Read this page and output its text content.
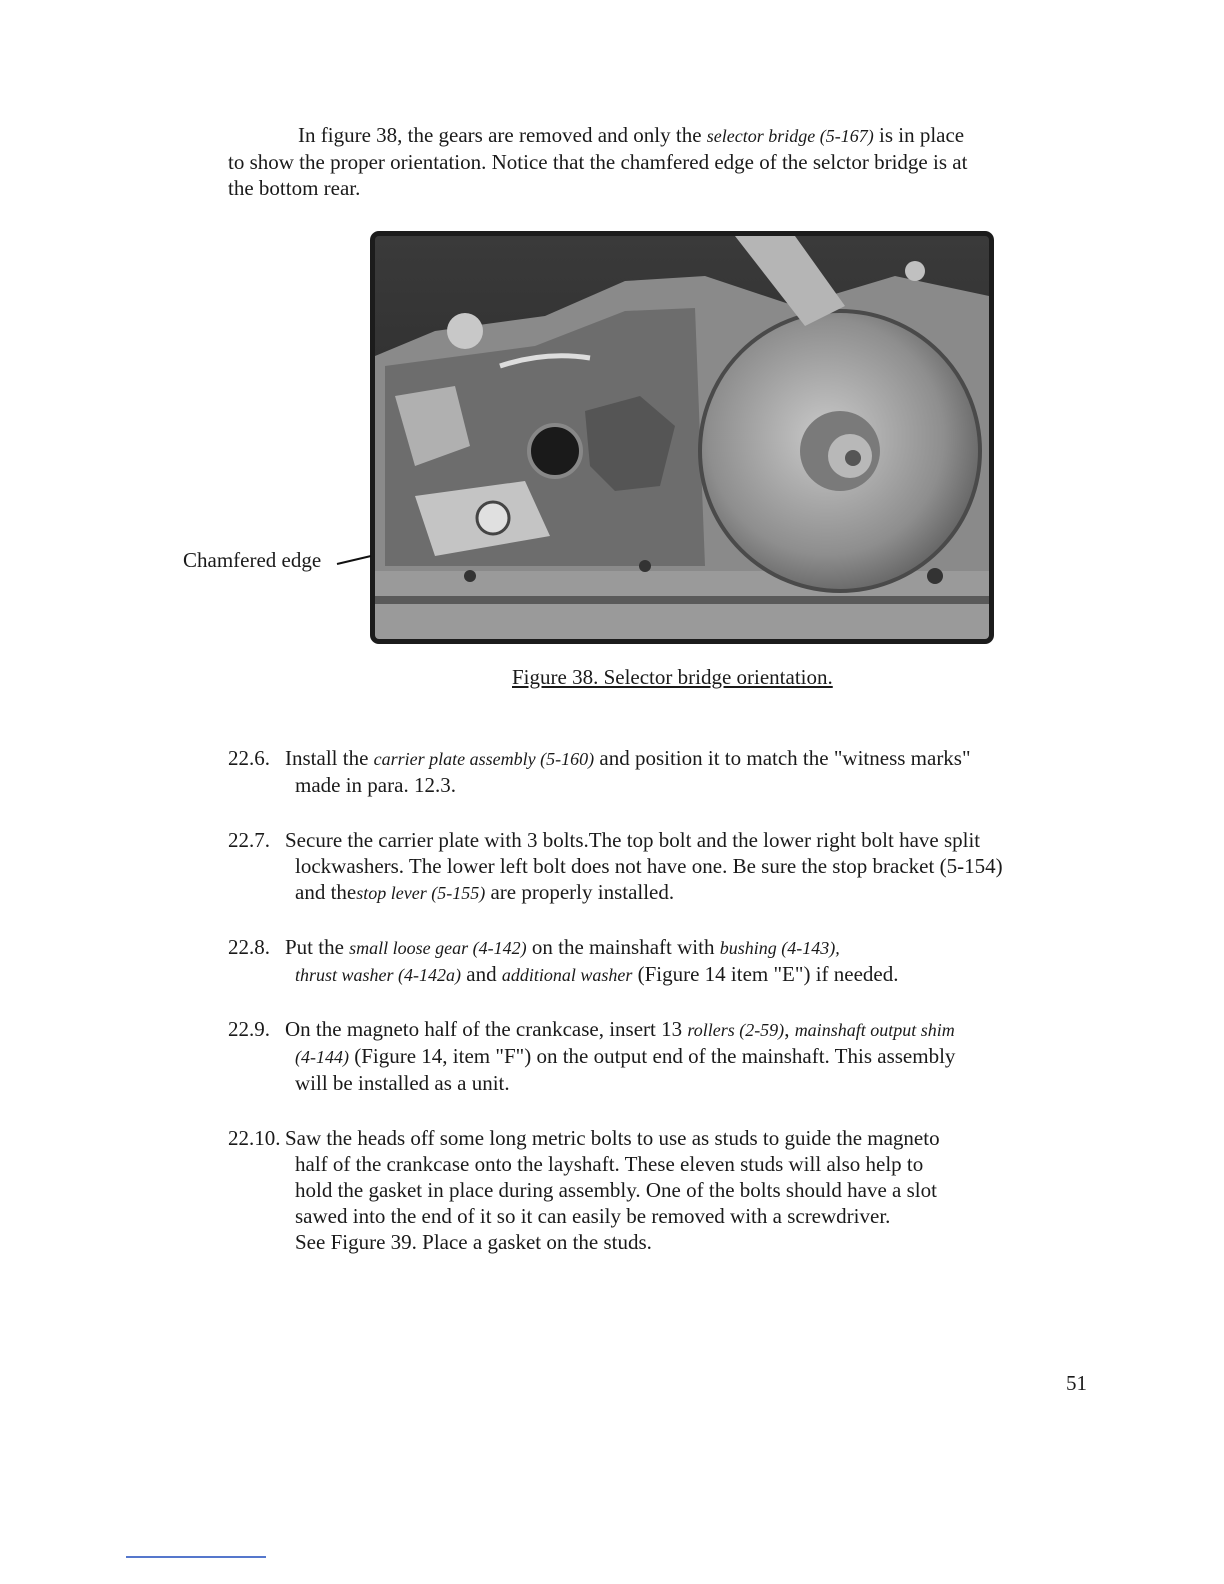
In figure 38, the gears are removed and only the selector bridge (5-167) is in place
to show the proper orientation. Notice that the chamfered edge of the selctor bridge is at
the bottom rear.
Chamfered edge
Figure 38. Selector bridge orientation.
22.6. Install the carrier plate assembly (5-160) and position it to match the "witness marks"
made in para. 12.3.
22.7. Secure the carrier plate with 3 bolts.The top bolt and the lower right bolt have split
lockwashers. The lower left bolt does not have one. Be sure the stop bracket (5-154)
and thestop lever (5-155) are properly installed.
22.8. Put the small loose gear (4-142) on the mainshaft with bushing (4-143),
thrust washer (4-142a) and additional washer (Figure 14 item "E") if needed.
22.9. On the magneto half of the crankcase, insert 13 rollers (2-59), mainshaft output shim
(4-144) (Figure 14, item "F") on the output end of the mainshaft. This assembly
will be installed as a unit.
22.10. Saw the heads off some long metric bolts to use as studs to guide the magneto
half of the crankcase onto the layshaft. These eleven studs will also help to
hold the gasket in place during assembly. One of the bolts should have a slot
sawed into the end of it so it can easily be removed with a screwdriver.
See Figure 39. Place a gasket on the studs.
51
